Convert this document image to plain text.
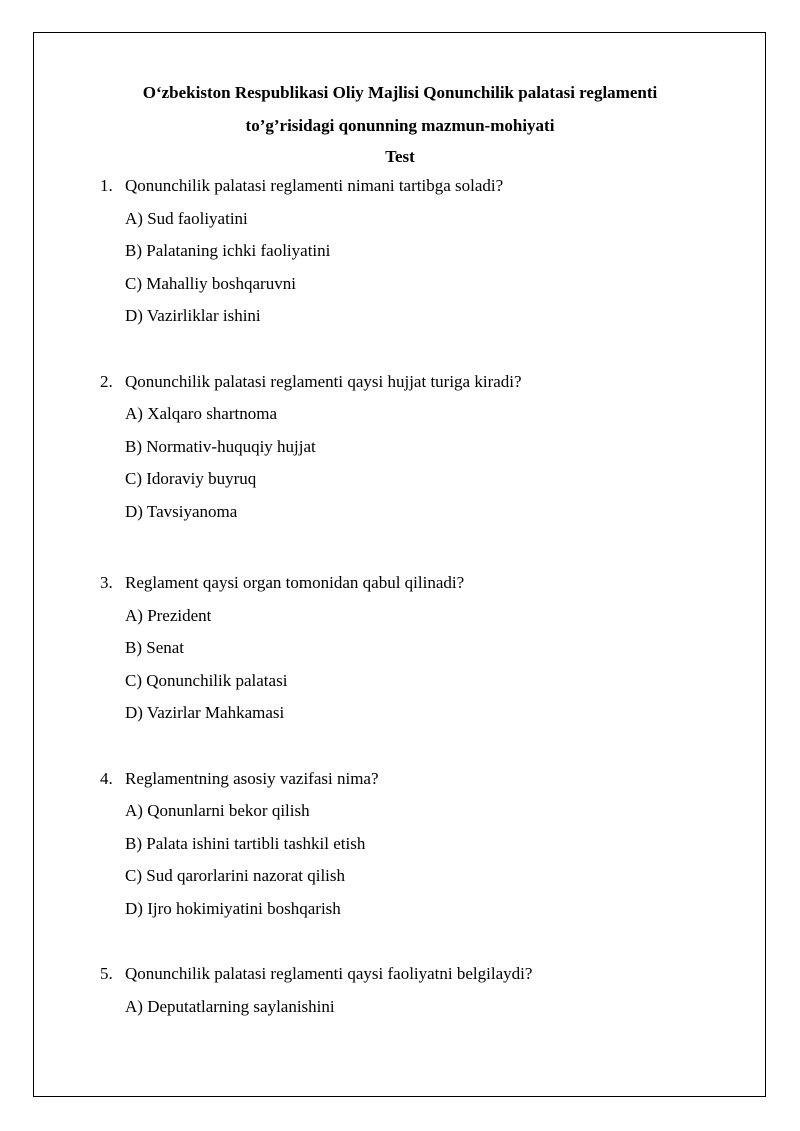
O‘zbekiston Respublikasi Oliy Majlisi Qonunchilik palatasi reglamenti
to’g’risidagi qonunning mazmun-mohiyati
Test
1. Qonunchilik palatasi reglamenti nimani tartibga soladi?
A) Sud faoliyatini
B) Palataning ichki faoliyatini
C) Mahalliy boshqaruvni
D) Vazirliklar ishini
2. Qonunchilik palatasi reglamenti qaysi hujjat turiga kiradi?
A) Xalqaro shartnoma
B) Normativ-huquqiy hujjat
C) Idoraviy buyruq
D) Tavsiyanoma
3. Reglament qaysi organ tomonidan qabul qilinadi?
A) Prezident
B) Senat
C) Qonunchilik palatasi
D) Vazirlar Mahkamasi
4. Reglamentning asosiy vazifasi nima?
A) Qonunlarni bekor qilish
B) Palata ishini tartibli tashkil etish
C) Sud qarorlarini nazorat qilish
D) Ijro hokimiyatini boshqarish
5. Qonunchilik palatasi reglamenti qaysi faoliyatni belgilaydi?
A) Deputatlarning saylanishini
